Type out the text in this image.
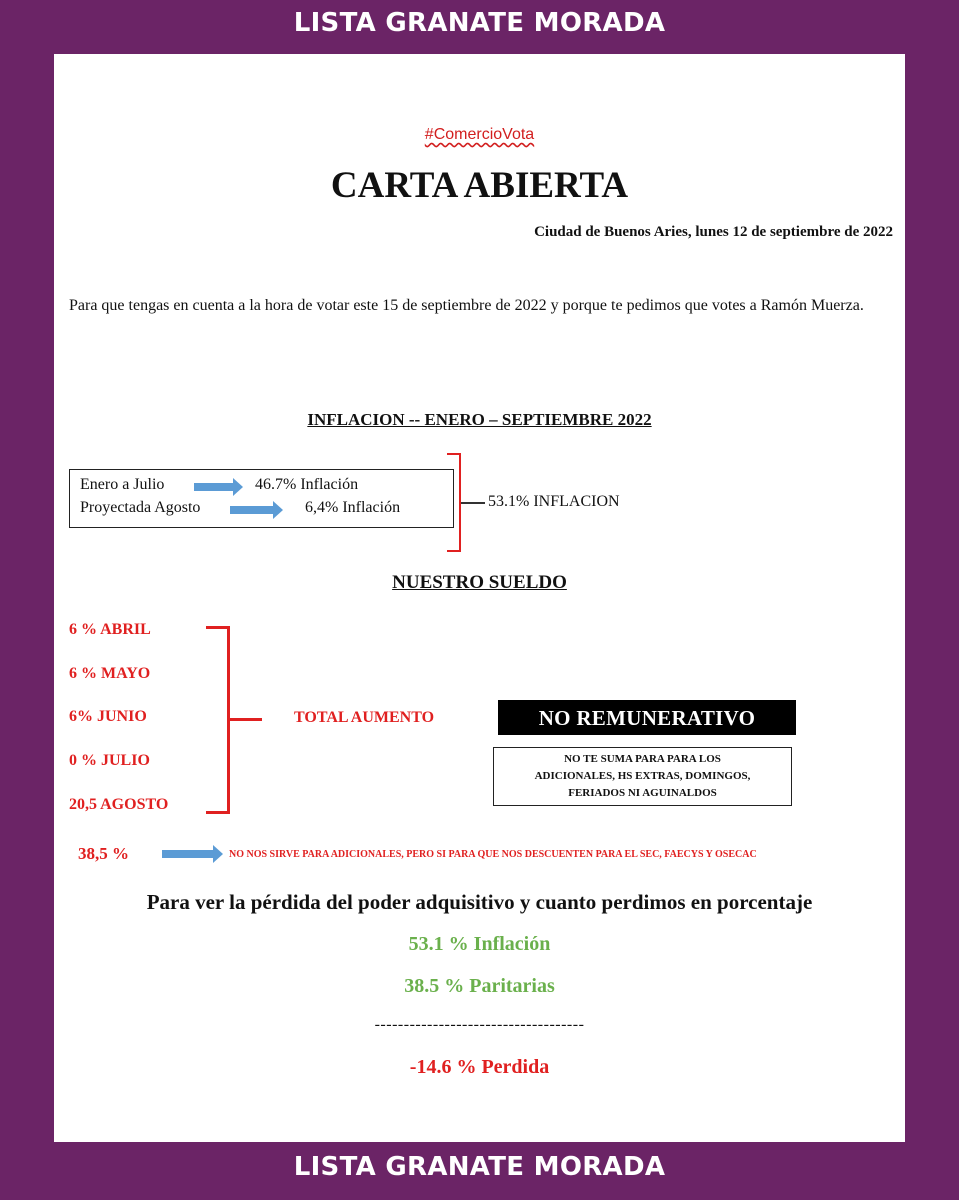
LISTA GRANATE MORADA
#ComercioVota
CARTA ABIERTA
Ciudad de Buenos Aries, lunes 12 de septiembre de 2022
Para que tengas en cuenta a la hora de votar este 15 de septiembre de 2022 y porque te pedimos que votes a Ramón Muerza.
INFLACION -- ENERO – SEPTIEMBRE 2022
Enero a Julio	46.7% Inflación
Proyectada Agosto	6,4% Inflación	53.1% INFLACION
NUESTRO SUELDO
6 % ABRIL
6 % MAYO
6% JUNIO
0 % JULIO
20,5 AGOSTO
TOTAL AUMENTO	NO REMUNERATIVO
NO TE SUMA PARA PARA LOS
ADICIONALES, HS EXTRAS, DOMINGOS,
FERIADOS NI AGUINALDOS
38,5 %	NO NOS SIRVE PARA ADICIONALES, PERO SI PARA QUE NOS DESCUENTEN PARA EL SEC, FAECYS Y OSECAC
Para ver la pérdida del poder adquisitivo y cuanto perdimos en porcentaje
53.1 % Inflación
38.5 % Paritarias
------------------------------------
-14.6 % Perdida
LISTA GRANATE MORADA
